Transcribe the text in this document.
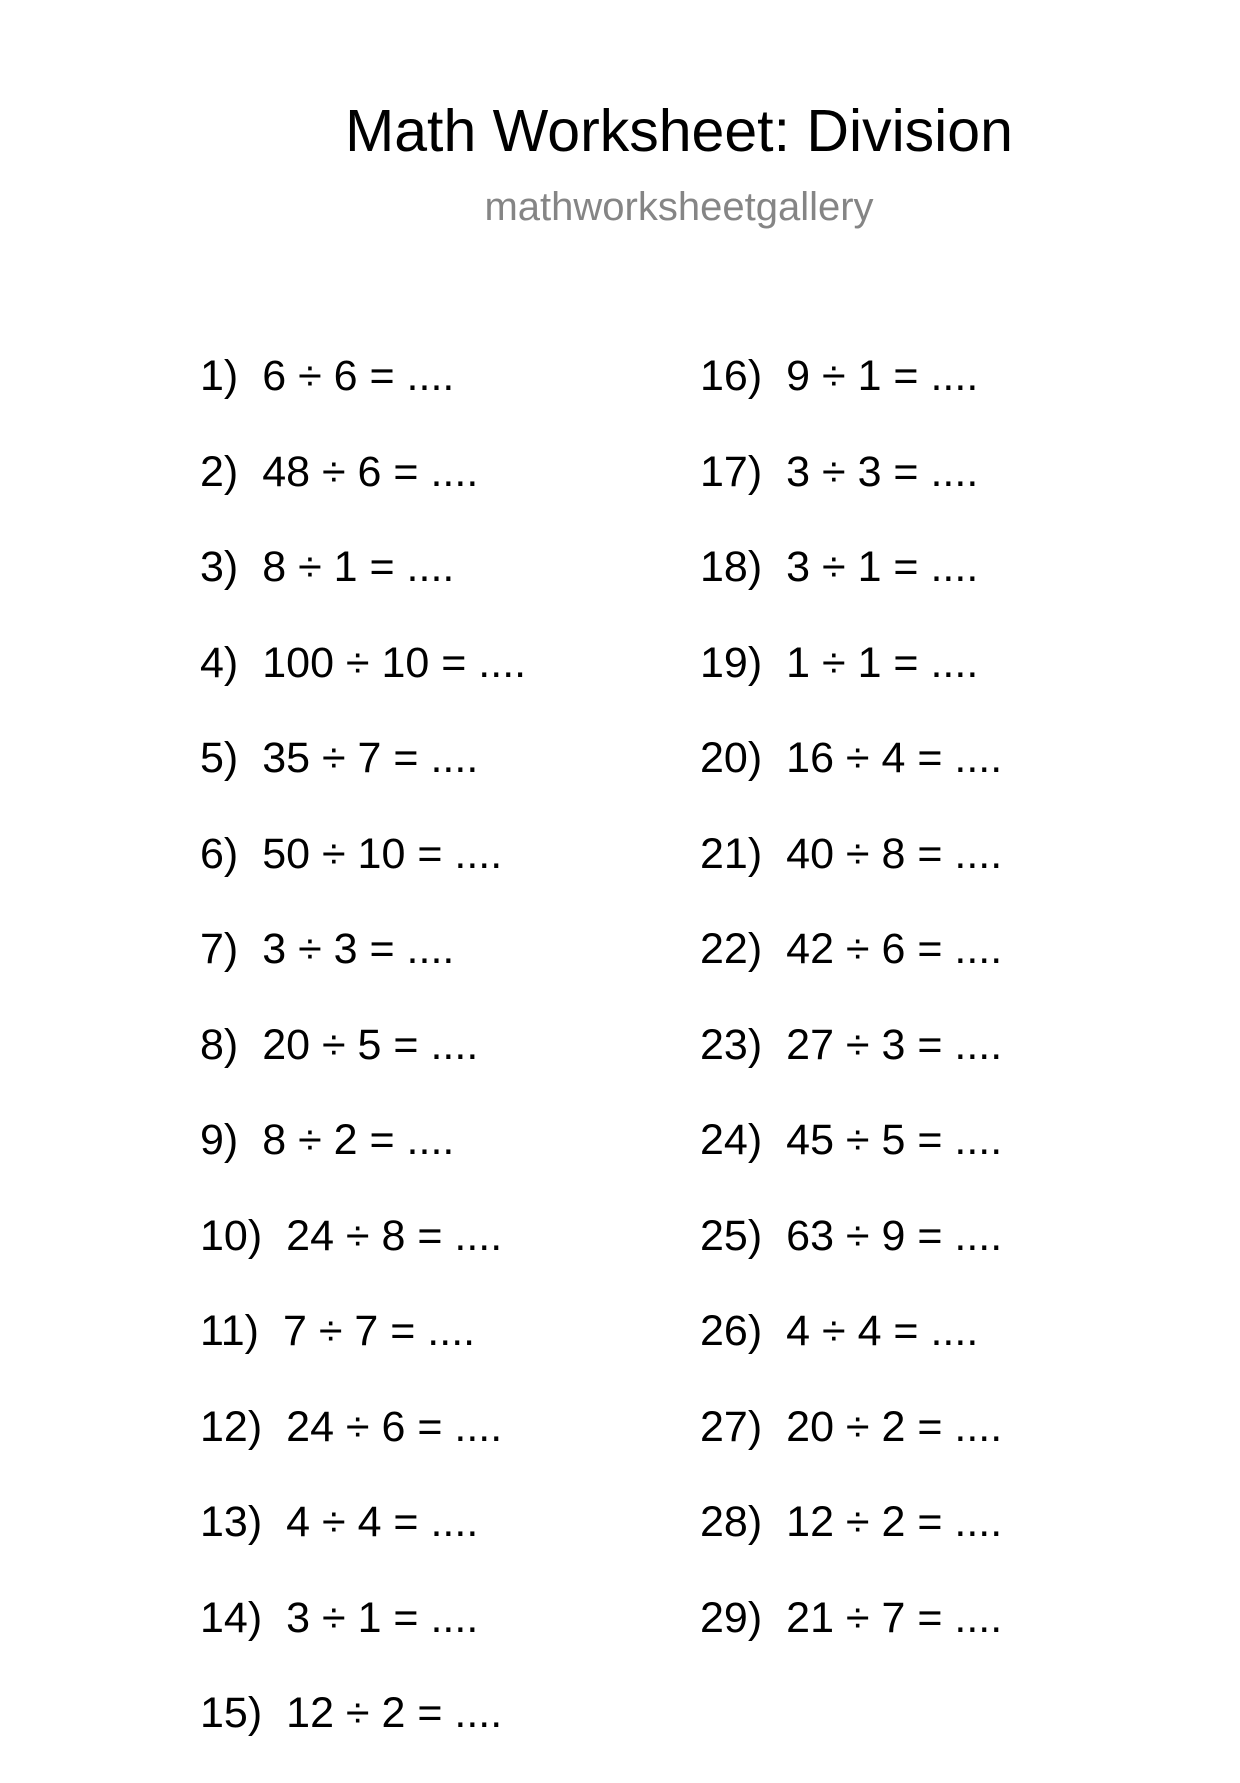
Math Worksheet: Division
mathworksheetgallery
1) 6 ÷ 6 = ....
2) 48 ÷ 6 = ....
3) 8 ÷ 1 = ....
4) 100 ÷ 10 = ....
5) 35 ÷ 7 = ....
6) 50 ÷ 10 = ....
7) 3 ÷ 3 = ....
8) 20 ÷ 5 = ....
9) 8 ÷ 2 = ....
10) 24 ÷ 8 = ....
11) 7 ÷ 7 = ....
12) 24 ÷ 6 = ....
13) 4 ÷ 4 = ....
14) 3 ÷ 1 = ....
15) 12 ÷ 2 = ....
16) 9 ÷ 1 = ....
17) 3 ÷ 3 = ....
18) 3 ÷ 1 = ....
19) 1 ÷ 1 = ....
20) 16 ÷ 4 = ....
21) 40 ÷ 8 = ....
22) 42 ÷ 6 = ....
23) 27 ÷ 3 = ....
24) 45 ÷ 5 = ....
25) 63 ÷ 9 = ....
26) 4 ÷ 4 = ....
27) 20 ÷ 2 = ....
28) 12 ÷ 2 = ....
29) 21 ÷ 7 = ....
